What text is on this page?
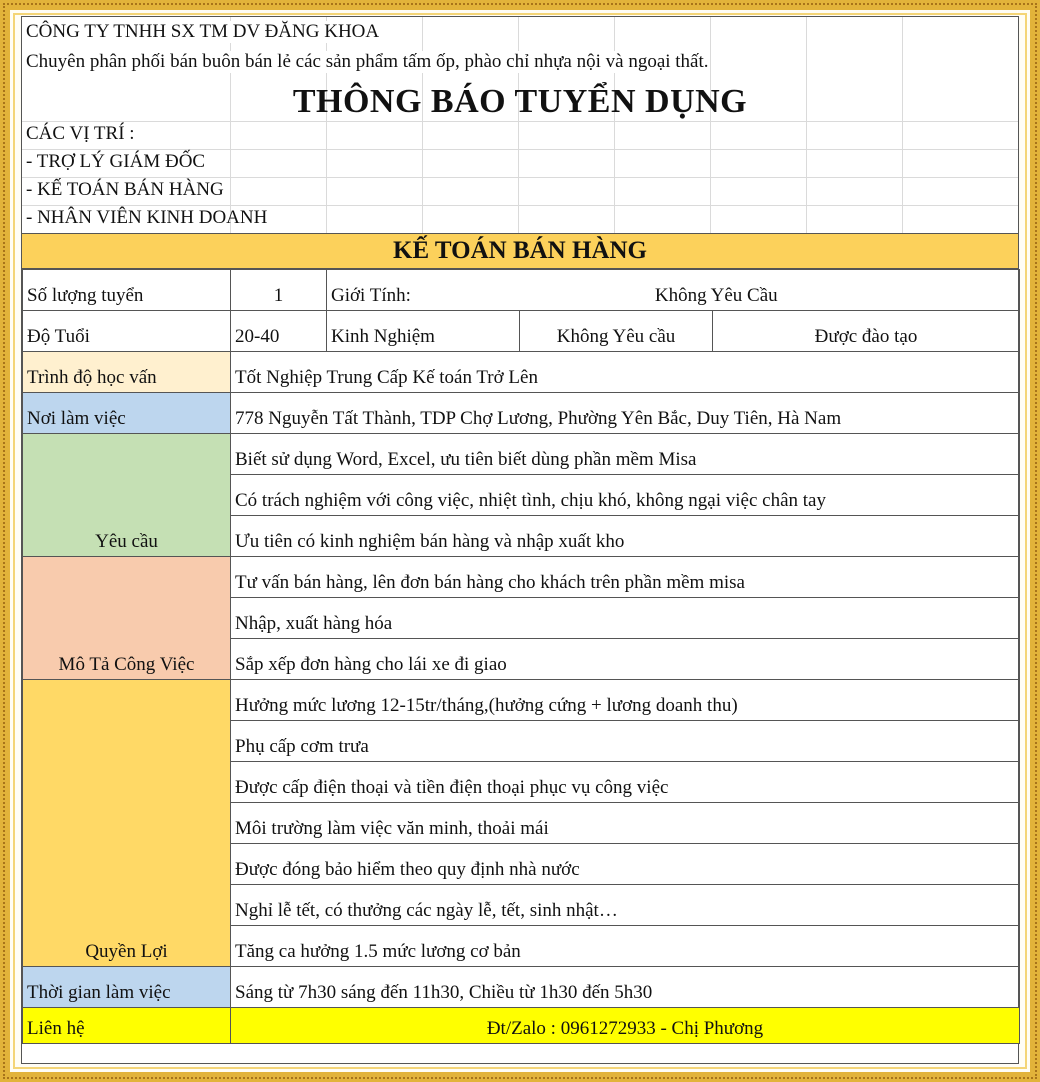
CÔNG TY TNHH SX TM DV ĐĂNG KHOA
Chuyên phân phối bán buôn bán lẻ các sản phẩm tấm ốp, phào chỉ nhựa nội và ngoại thất.
THÔNG BÁO TUYỂN DỤNG
CÁC VỊ TRÍ :
- TRỢ LÝ GIÁM ĐỐC
- KẾ TOÁN BÁN HÀNG
- NHÂN VIÊN KINH DOANH
KẾ TOÁN BÁN HÀNG
Số lượng tuyển	1	Giới Tính:	Không Yêu Cầu	
Độ Tuổi	20-40	Kinh Nghiệm	Không Yêu cầu	Được đào tạo
Trình độ học vấn	Tốt Nghiệp Trung Cấp Kế toán Trở Lên			
Nơi làm việc	778 Nguyễn Tất Thành, TDP Chợ Lương, Phường Yên Bắc, Duy Tiên, Hà Nam			
Yêu cầu	Biết sử dụng Word, Excel, ưu tiên biết dùng phần mềm Misa			
	Có trách nghiệm với công việc, nhiệt tình, chịu khó, không ngại việc chân tay			
	Ưu tiên có kinh nghiệm bán hàng và nhập xuất kho			
Mô Tả Công Việc	Tư vấn bán hàng, lên đơn bán hàng cho khách trên phần mềm misa			
	Nhập, xuất hàng hóa			
	Sắp xếp đơn hàng cho lái xe đi giao			
Quyền Lợi	Hưởng mức lương 12-15tr/tháng,(hưởng cứng + lương doanh thu)			
	Phụ cấp cơm trưa			
	Được cấp điện thoại và tiền điện thoại phục vụ công việc			
	Môi trường làm việc văn minh, thoải mái			
	Được đóng bảo hiểm theo quy định nhà nước			
	Nghỉ lễ tết, có thưởng các ngày lễ, tết, sinh nhật…			
	Tăng ca hưởng 1.5 mức lương cơ bản			
Thời gian làm việc	Sáng từ 7h30 sáng đến 11h30, Chiều từ 1h30 đến 5h30			
Liên hệ	Đt/Zalo : 0961272933 - Chị Phương			
